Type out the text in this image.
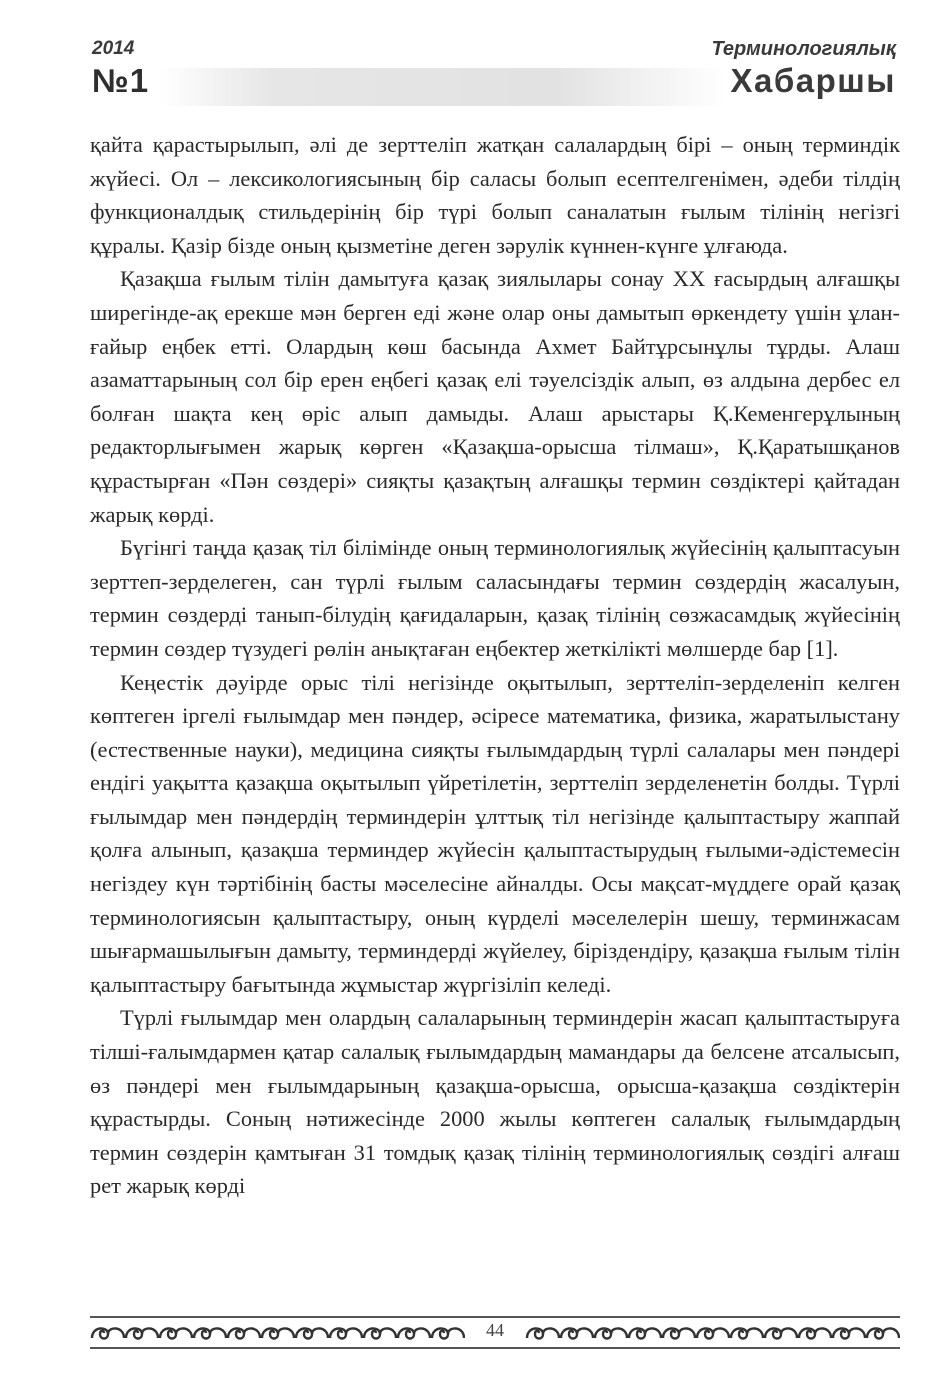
2014
№1
Терминологиялық
Хабаршы

қайта қарастырылып, әлі де зерттеліп жатқан салалардың бірі – оның терминдік жүйесі. Ол – лексикологиясының бір саласы болып есептелгенімен, әдеби тілдің функционалдық стильдерінің бір түрі болып саналатын ғылым тілінің негізгі құралы. Қазір бізде оның қызметіне деген зәрулік күннен-күнге ұлғаюда.

Қазақша ғылым тілін дамытуға қазақ зиялылары сонау XX ғасырдың алғашқы ширегінде-ақ ерекше мән берген еді және олар оны дамытып өркендету үшін ұлан-ғайыр еңбек етті. Олардың көш басында Ахмет Байтұрсынұлы тұрды. Алаш азаматтарының сол бір ерен еңбегі қазақ елі тәуелсіздік алып, өз алдына дербес ел болған шақта кең өріс алып дамыды. Алаш арыстары Қ.Кеменгерұлының редакторлығымен жарық көрген «Қазақша-орысша тілмаш», Қ.Қаратышқанов құрастырған «Пән сөздері» сияқты қазақтың алғашқы термин сөздіктері қайтадан жарық көрді.

Бүгінгі таңда қазақ тіл білімінде оның терминологиялық жүйесінің қалыптасуын зерттеп-зерделеген, сан түрлі ғылым саласындағы термин сөздердің жасалуын, термин сөздерді танып-білудің қағидаларын, қазақ тілінің сөзжасамдық жүйесінің термин сөздер түзудегі рөлін анықтаған еңбектер жеткілікті мөлшерде бар [1].

Кеңестік дәуірде орыс тілі негізінде оқытылып, зерттеліп-зерделеніп келген көптеген іргелі ғылымдар мен пәндер, әсіресе математика, физика, жаратылыстану (естественные науки), медицина сияқты ғылымдардың түрлі салалары мен пәндері ендігі уақытта қазақша оқытылып үйретілетін, зерттеліп зерделенетін болды. Түрлі ғылымдар мен пәндердің терминдерін ұлттық тіл негізінде қалыптастыру жаппай қолға алынып, қазақша терминдер жүйесін қалыптастырудың ғылыми-әдістемесін негіздеу күн тәртібінің басты мәселесіне айналды. Осы мақсат-мүддеге орай қазақ терминологиясын қалыптастыру, оның күрделі мәселелерін шешу, терминжасам шығармашылығын дамыту, терминдерді жүйелеу, біріздендіру, қазақша ғылым тілін қалыптастыру бағытында жұмыстар жүргізіліп келеді.

Түрлі ғылымдар мен олардың салаларының терминдерін жасап қалыптастыруға тілші-ғалымдармен қатар салалық ғылымдардың мамандары да белсене атсалысып, өз пәндері мен ғылымдарының қазақша-орысша, орысша-қазақша сөздіктерін құрастырды. Соның нәтижесінде 2000 жылы көптеген салалық ғылымдардың термин сөздерін қамтыған 31 томдық қазақ тілінің терминологиялық сөздігі алғаш рет жарық көрді

44
